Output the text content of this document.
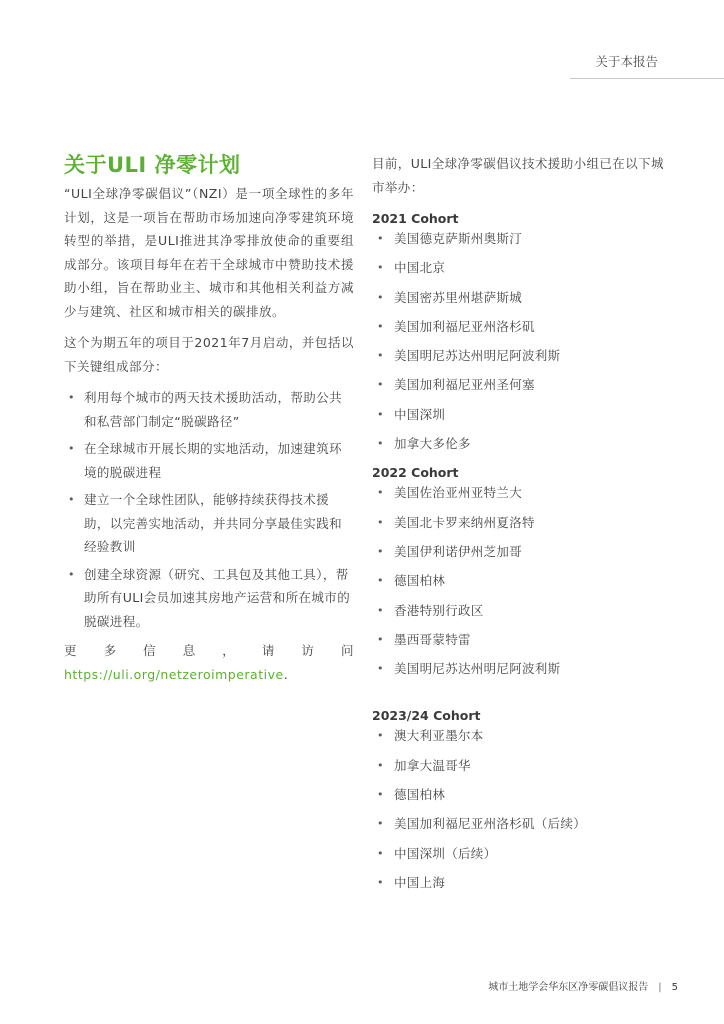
关于本报告
关于ULI 净零计划

“ULI全球净零碳倡议”（NZI）是一项全球性的多年计划，这是一项旨在帮助市场加速向净零建筑环境转型的举措，是ULI推进其净零排放使命的重要组成部分。该项目每年在若干全球城市中赞助技术援助小组，旨在帮助业主、城市和其他相关利益方减少与建筑、社区和城市相关的碳排放。

这个为期五年的项目于2021年7月启动，并包括以下关键组成部分：

• 利用每个城市的两天技术援助活动，帮助公共和私营部门制定“脱碳路径”
• 在全球城市开展长期的实地活动，加速建筑环境的脱碳进程
• 建立一个全球性团队，能够持续获得技术援助，以完善实地活动，并共同分享最佳实践和经验教训
• 创建全球资源（研究、工具包及其他工具），帮助所有ULI会员加速其房地产运营和所在城市的脱碳进程。

更多信息，请访问 https://uli.org/netzeroimperative.

目前，ULI全球净零碳倡议技术援助小组已在以下城市举办：

2021 Cohort
• 美国德克萨斯州奥斯汀
• 中国北京
• 美国密苏里州堪萨斯城
• 美国加利福尼亚州洛杉矶
• 美国明尼苏达州明尼阿波利斯
• 美国加利福尼亚州圣何塞
• 中国深圳
• 加拿大多伦多
2022 Cohort
• 美国佐治亚州亚特兰大
• 美国北卡罗来纳州夏洛特
• 美国伊利诺伊州芝加哥
• 德国柏林
• 香港特别行政区
• 墨西哥蒙特雷
• 美国明尼苏达州明尼阿波利斯
2023/24 Cohort
• 澳大利亚墨尔本
• 加拿大温哥华
• 德国柏林
• 美国加利福尼亚州洛杉矶（后续）
• 中国深圳（后续）
• 中国上海
城市土地学会华东区净零碳倡议报告 | 5
